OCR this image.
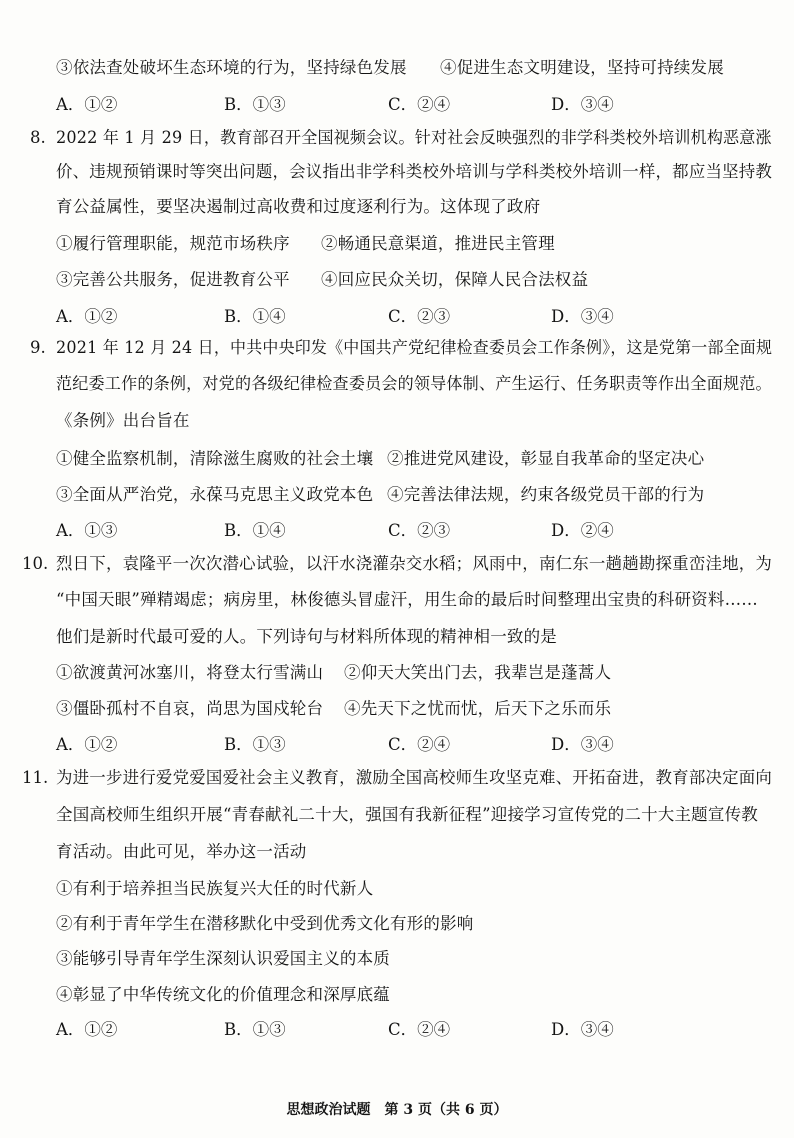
③依法查处破坏生态环境的行为，坚持绿色发展 ④促进生态文明建设，坚持可持续发展
A．①②	B．①③	C．②④	D．③④
8. 2022 年 1 月 29 日，教育部召开全国视频会议。针对社会反映强烈的非学科类校外培训机构恶意涨
价、违规预销课时等突出问题，会议指出非学科类校外培训与学科类校外培训一样，都应当坚持教
育公益属性，要坚决遏制过高收费和过度逐利行为。这体现了政府
①履行管理职能，规范市场秩序 ②畅通民意渠道，推进民主管理
③完善公共服务，促进教育公平 ④回应民众关切，保障人民合法权益
A．①②	B．①④	C．②③	D．③④
9. 2021 年 12 月 24 日，中共中央印发《中国共产党纪律检查委员会工作条例》，这是党第一部全面规
范纪委工作的条例，对党的各级纪律检查委员会的领导体制、产生运行、任务职责等作出全面规范。
《条例》出台旨在
①健全监察机制，清除滋生腐败的社会土壤 ②推进党风建设，彰显自我革命的坚定决心
③全面从严治党，永葆马克思主义政党本色 ④完善法律法规，约束各级党员干部的行为
A．①③	B．①④	C．②③	D．②④
10. 烈日下，袁隆平一次次潜心试验，以汗水浇灌杂交水稻；风雨中，南仁东一趟趟勘探重峦洼地，为
“中国天眼”殚精竭虑；病房里，林俊德头冒虚汗，用生命的最后时间整理出宝贵的科研资料……
他们是新时代最可爱的人。下列诗句与材料所体现的精神相一致的是
①欲渡黄河冰塞川，将登太行雪满山 ②仰天大笑出门去，我辈岂是蓬蒿人
③僵卧孤村不自哀，尚思为国戍轮台 ④先天下之忧而忧，后天下之乐而乐
A．①②	B．①③	C．②④	D．③④
11. 为进一步进行爱党爱国爱社会主义教育，激励全国高校师生攻坚克难、开拓奋进，教育部决定面向
全国高校师生组织开展“青春献礼二十大，强国有我新征程”迎接学习宣传党的二十大主题宣传教
育活动。由此可见，举办这一活动
①有利于培养担当民族复兴大任的时代新人
②有利于青年学生在潜移默化中受到优秀文化有形的影响
③能够引导青年学生深刻认识爱国主义的本质
④彰显了中华传统文化的价值理念和深厚底蕴
A．①②	B．①③	C．②④	D．③④
思想政治试题　第 3 页（共 6 页）
